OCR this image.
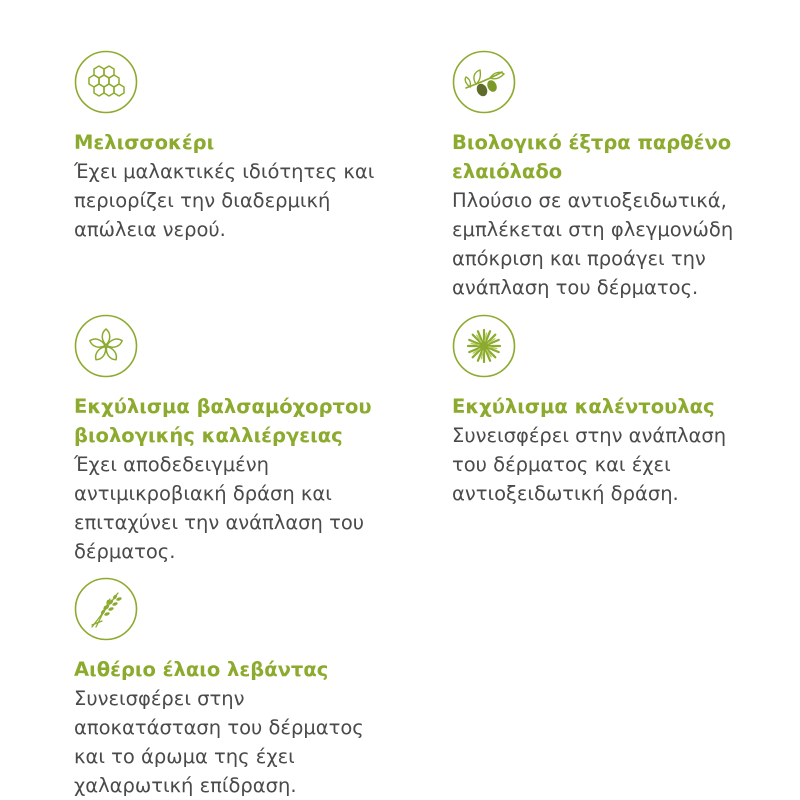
Μελισσοκέρι
Έχει μαλακτικές ιδιότητες και
περιορίζει την διαδερμική
απώλεια νερού.
Βιολογικό έξτρα παρθένο
ελαιόλαδο
Πλούσιο σε αντιοξειδωτικά,
εμπλέκεται στη φλεγμονώδη
απόκριση και προάγει την
ανάπλαση του δέρματος.
Εκχύλισμα βαλσαμόχορτου
βιολογικής καλλιέργειας
Έχει αποδεδειγμένη
αντιμικροβιακή δράση και
επιταχύνει την ανάπλαση του
δέρματος.
Εκχύλισμα καλέντουλας
Συνεισφέρει στην ανάπλαση
του δέρματος και έχει
αντιοξειδωτική δράση.
Αιθέριο έλαιο λεβάντας
Συνεισφέρει στην
αποκατάσταση του δέρματος
και το άρωμα της έχει
χαλαρωτική επίδραση.
